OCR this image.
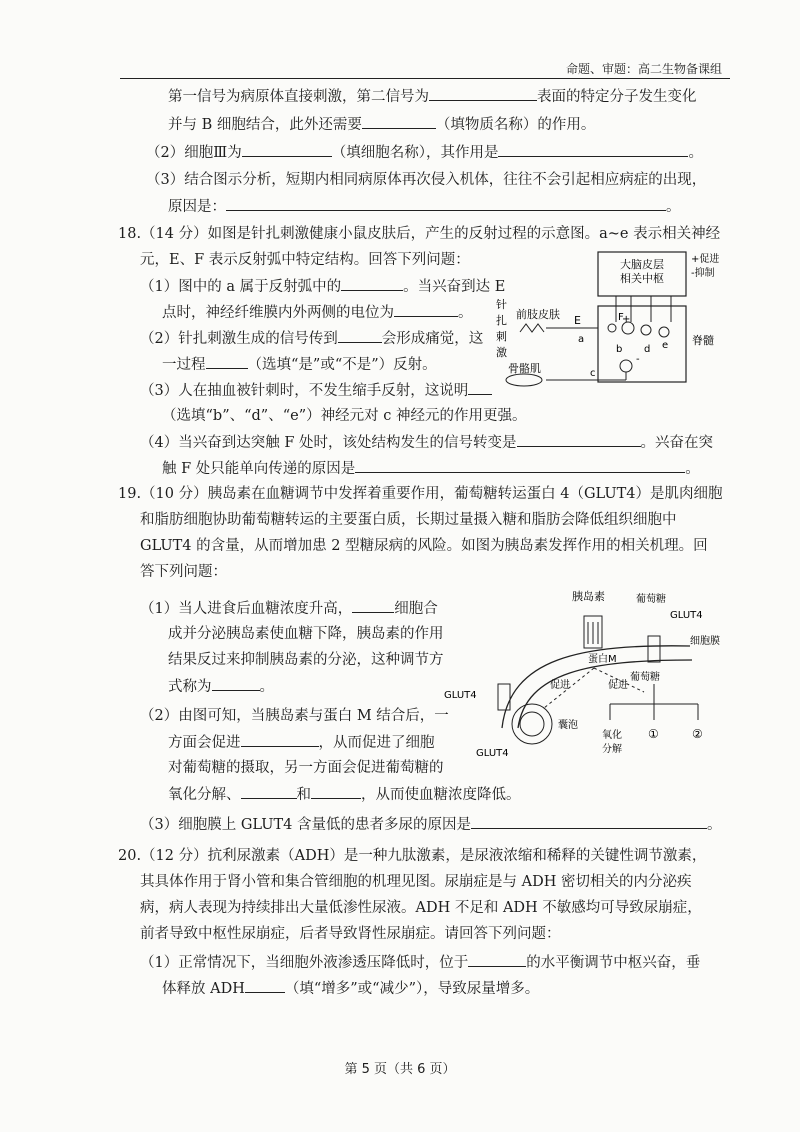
命题、审题：高二生物备课组
第一信号为病原体直接刺激，第二信号为	表面的特定分子发生变化
并与 B 细胞结合，此外还需要	（填物质名称）的作用。
（2）细胞Ⅲ为	（填细胞名称），其作用是	。
（3）结合图示分析，短期内相同病原体再次侵入机体，往往不会引起相应病症的出现，
原因是：	。
18.（14 分）如图是针扎刺激健康小鼠皮肤后，产生的反射过程的示意图。a~e 表示相关神经
元，E、F 表示反射弧中特定结构。回答下列问题：
（1）图中的 a 属于反射弧中的	。当兴奋到达 E
点时，神经纤维膜内外两侧的电位为	。
（2）针扎刺激生成的信号传到	会形成痛觉，这
一过程	（选填“是”或“不是”）反射。
（3）人在抽血被针刺时，不发生缩手反射，这说明
（选填“b”、“d”、“e”）神经元对 c 神经元的作用更强。
（4）当兴奋到达突触 F 处时，该处结构发生的信号转变是	。兴奋在突
触 F 处只能单向传递的原因是	。
大脑皮层
相关中枢
+促进
-抑制
脊髓
针
扎
刺
激
前肢皮肤 E
a
F
b d e
+
-
c
骨骼肌
19.（10 分）胰岛素在血糖调节中发挥着重要作用，葡萄糖转运蛋白 4（GLUT4）是肌肉细胞
和脂肪细胞协助葡萄糖转运的主要蛋白质，长期过量摄入糖和脂肪会降低组织细胞中
GLUT4 的含量，从而增加患 2 型糖尿病的风险。如图为胰岛素发挥作用的相关机理。回
答下列问题：
（1）当人进食后血糖浓度升高，	细胞合
成并分泌胰岛素使血糖下降，胰岛素的作用
结果反过来抑制胰岛素的分泌，这种调节方
式称为	。
（2）由图可知，当胰岛素与蛋白 M 结合后，一
方面会促进	，从而促进了细胞
对葡萄糖的摄取，另一方面会促进葡萄糖的
氧化分解、	和	，从而使血糖浓度降低。
（3）细胞膜上 GLUT4 含量低的患者多尿的原因是	。
胰岛素
蛋白M
葡萄糖
GLUT4
细胞膜
葡萄糖
GLUT4
促进	促进
囊泡
GLUT4
氧化
分解
①	②
20.（12 分）抗利尿激素（ADH）是一种九肽激素，是尿液浓缩和稀释的关键性调节激素，
其具体作用于肾小管和集合管细胞的机理见图。尿崩症是与 ADH 密切相关的内分泌疾
病，病人表现为持续排出大量低渗性尿液。ADH 不足和 ADH 不敏感均可导致尿崩症，
前者导致中枢性尿崩症，后者导致肾性尿崩症。请回答下列问题：
（1）正常情况下，当细胞外液渗透压降低时，位于	的水平衡调节中枢兴奋，垂
体释放 ADH	（填“增多”或“减少”），导致尿量增多。
第 5 页（共 6 页）
